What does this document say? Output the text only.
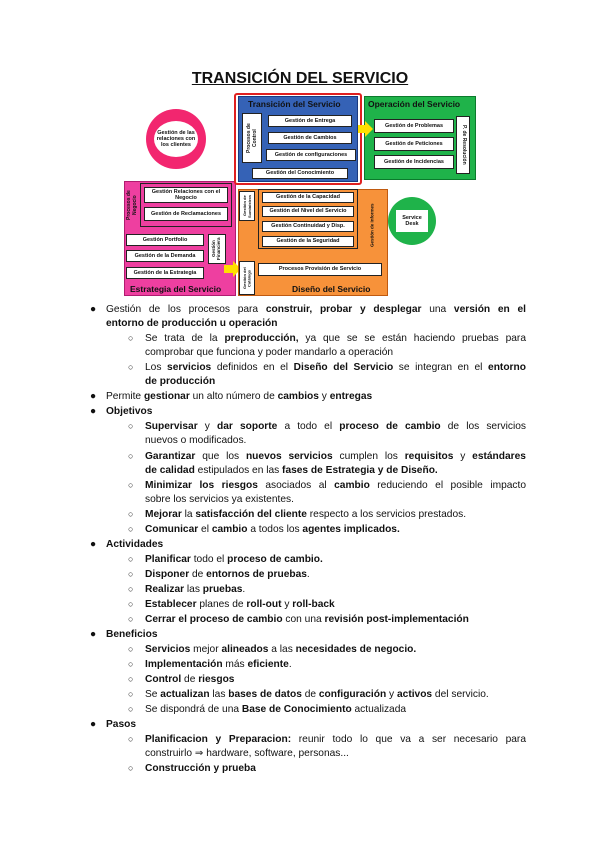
TRANSICIÓN DEL SERVICIO
Operación del Servicio
Gestión de Problemas
Gestión de Peticiones
Gestión de Incidencias	P. de Resolución
Service Desk
Estrategia del Servicio
Procesos de Negocio
Gestión Relaciones con el Negocio
Gestión de Reclamaciones
Gestión Portfolio
Gestión de la Demanda
Gestión de la Estrategia
Gestión Financiera
Diseño del Servicio
Gestión de Suministros	Gestión de la Capacidad
Gestión del Nivel del Servicio
Gestión Continuidad y Disp.
Gestión de la Seguridad	Gestión de Informes
Gestión del Catálogo	Procesos Provisión de Servicio
Gestión de las relaciones con los clientes
Transición del Servicio
Procesos de Control
Gestión de Entrega
Gestión de Cambios
Gestión de configuraciones
Gestión del Conocimiento
● Gestión de los procesos para construir, probar y desplegar una versión en el
entorno de producción u operación
○ Se trata de la preproducción, ya que se se están haciendo pruebas para
comprobar que funciona y poder mandarlo a operación
○ Los servicios definidos en el Diseño del Servicio se integran en el entorno
de producción
● Permite gestionar un alto número de cambios y entregas
● Objetivos
○ Supervisar y dar soporte a todo el proceso de cambio de los servicios
nuevos o modificados.
○ Garantizar que los nuevos servicios cumplen los requisitos y estándares
de calidad estipulados en las fases de Estrategia y de Diseño.
○ Minimizar los riesgos asociados al cambio reduciendo el posible impacto
sobre los servicios ya existentes.
○ Mejorar la satisfacción del cliente respecto a los servicios prestados.
○ Comunicar el cambio a todos los agentes implicados.
● Actividades
○ Planificar todo el proceso de cambio.
○ Disponer de entornos de pruebas.
○ Realizar las pruebas.
○ Establecer planes de roll-out y roll-back
○ Cerrar el proceso de cambio con una revisión post-implementación
● Beneficios
○ Servicios mejor alineados a las necesidades de negocio.
○ Implementación más eficiente.
○ Control de riesgos
○ Se actualizan las bases de datos de configuración y activos del servicio.
○ Se dispondrá de una Base de Conocimiento actualizada
● Pasos
○ Planificacion y Preparacion: reunir todo lo que va a ser necesario para
construirlo ⇒ hardware, software, personas...
○ Construcción y prueba
